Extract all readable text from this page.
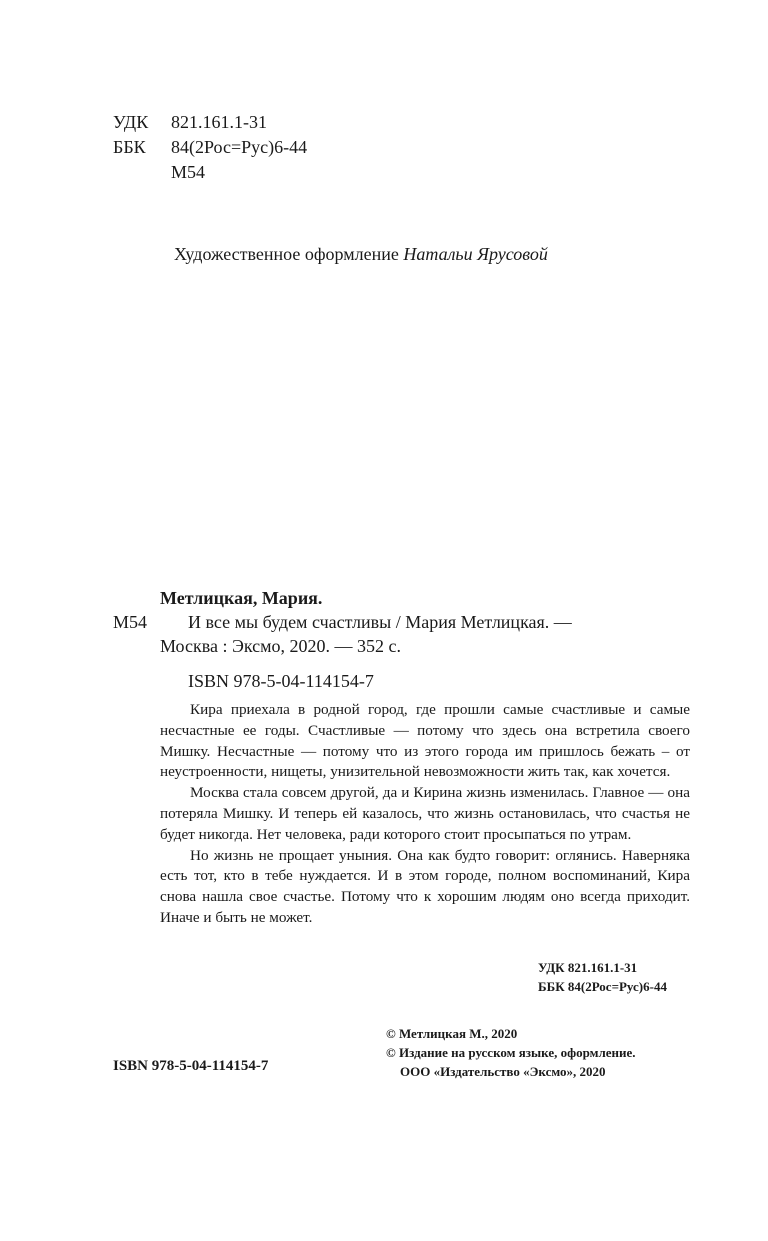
УДК 821.161.1-31
ББК 84(2Рос=Рус)6-44
М54
Художественное оформление Натальи Ярусовой
Метлицкая, Мария.
М54 И все мы будем счастливы / Мария Метлицкая. —
Москва : Эксмо, 2020. — 352 с.
ISBN 978-5-04-114154-7

Кира приехала в родной город, где прошли самые счастливые и самые несчастные ее годы. Счастливые — потому что здесь она встретила своего Мишку. Несчастные — потому что из этого города им пришлось бежать – от неустроенности, нищеты, унизительной невозможности жить так, как хочется.

Москва стала совсем другой, да и Кирина жизнь изменилась. Главное — она потеряла Мишку. И теперь ей казалось, что жизнь остановилась, что счастья не будет никогда. Нет человека, ради которого стоит просыпаться по утрам.

Но жизнь не прощает уныния. Она как будто говорит: оглянись. Наверняка есть тот, кто в тебе нуждается. И в этом городе, полном воспоминаний, Кира снова нашла свое счастье. Потому что к хорошим людям оно всегда приходит. Иначе и быть не может.

УДК 821.161.1-31
ББК 84(2Рос=Рус)6-44
© Метлицкая М., 2020
© Издание на русском языке, оформление.
ООО «Издательство «Эксмо», 2020
ISBN 978-5-04-114154-7
